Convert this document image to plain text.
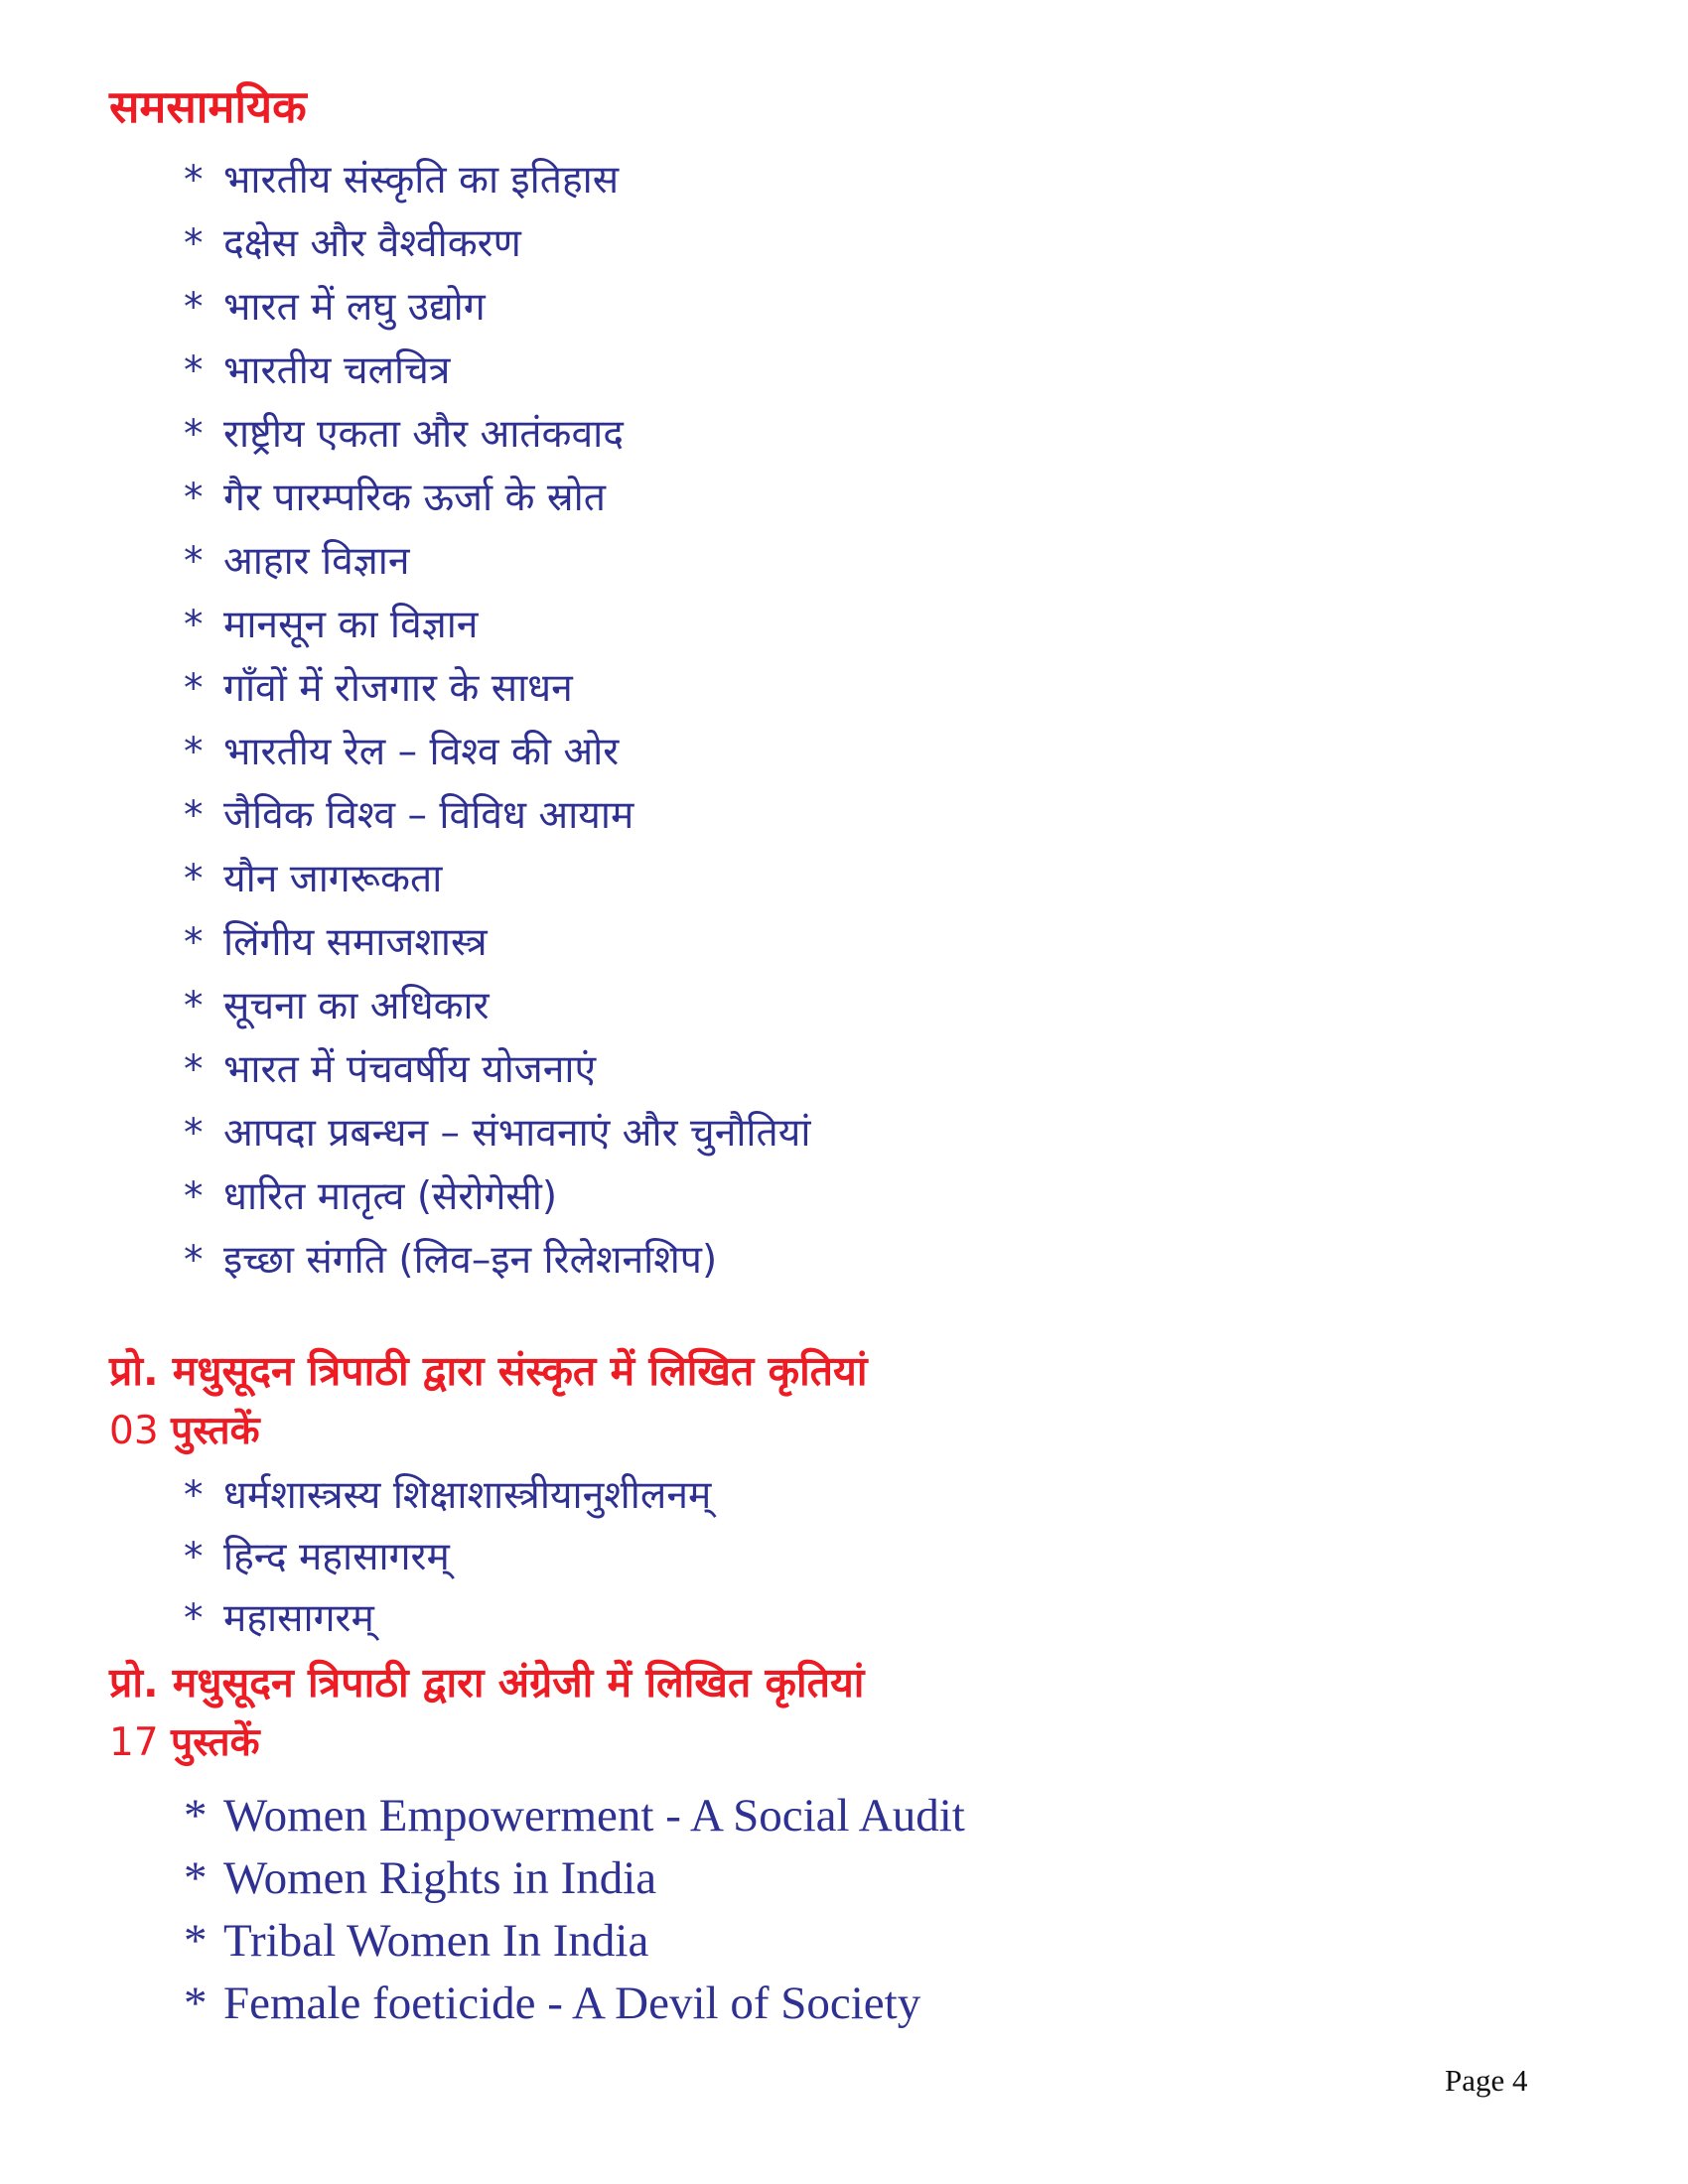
समसामयिक
* भारतीय संस्कृति का इतिहास
* दक्षेस और वैश्वीकरण
* भारत में लघु उद्योग
* भारतीय चलचित्र
* राष्ट्रीय एकता और आतंकवाद
* गैर पारम्परिक ऊर्जा के स्रोत
* आहार विज्ञान
* मानसून का विज्ञान
* गाँवों में रोजगार के साधन
* भारतीय रेल – विश्व की ओर
* जैविक विश्व – विविध आयाम
* यौन जागरूकता
* लिंगीय समाजशास्त्र
* सूचना का अधिकार
* भारत में पंचवर्षीय योजनाएं
* आपदा प्रबन्धन – संभावनाएं और चुनौतियां
* धारित मातृत्व (सेरोगेसी)
* इच्छा संगति (लिव–इन रिलेशनशिप)
प्रो. मधुसूदन त्रिपाठी द्वारा संस्कृत में लिखित कृतियां
03 पुस्तकें
* धर्मशास्त्रस्य शिक्षाशास्त्रीयानुशीलनम्
* हिन्द महासागरम्
* महासागरम्
प्रो. मधुसूदन त्रिपाठी द्वारा अंग्रेजी में लिखित कृतियां
17 पुस्तकें
* Women Empowerment - A Social Audit
* Women Rights in India
* Tribal Women In India
* Female foeticide - A Devil of Society
Page 4
